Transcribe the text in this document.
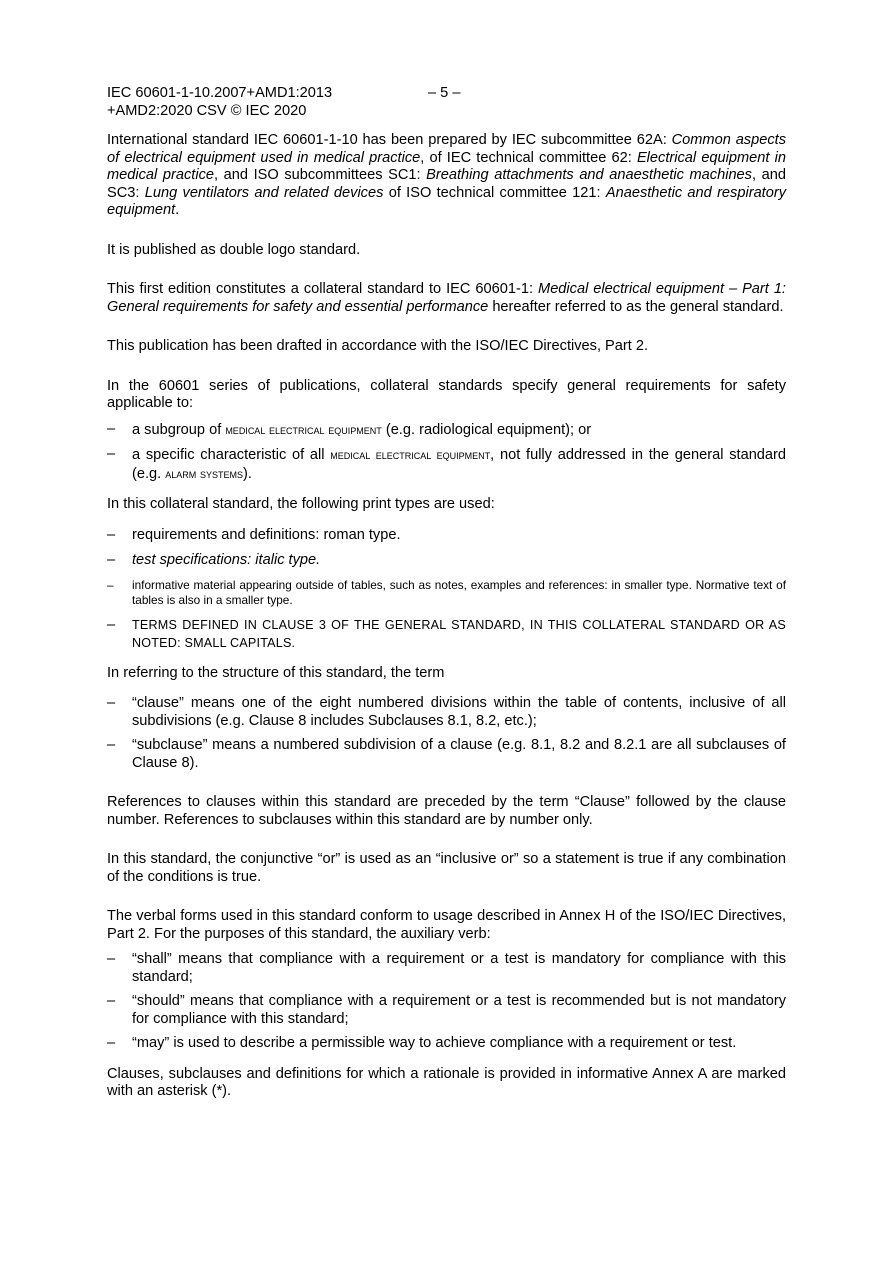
IEC 60601-1-10.2007+AMD1:2013
+AMD2:2020 CSV © IEC 2020
– 5 –

International standard IEC 60601-1-10 has been prepared by IEC subcommittee 62A: Common aspects of electrical equipment used in medical practice, of IEC technical committee 62: Electrical equipment in medical practice, and ISO subcommittees SC1: Breathing attachments and anaesthetic machines, and SC3: Lung ventilators and related devices of ISO technical committee 121: Anaesthetic and respiratory equipment.

It is published as double logo standard.

This first edition constitutes a collateral standard to IEC 60601-1: Medical electrical equipment – Part 1: General requirements for safety and essential performance hereafter referred to as the general standard.

This publication has been drafted in accordance with the ISO/IEC Directives, Part 2.

In the 60601 series of publications, collateral standards specify general requirements for safety applicable to:

– a subgroup of medical electrical equipment (e.g. radiological equipment); or
– a specific characteristic of all medical electrical equipment, not fully addressed in the general standard (e.g. alarm systems).

In this collateral standard, the following print types are used:

– requirements and definitions: roman type.
– test specifications: italic type.
– informative material appearing outside of tables, such as notes, examples and references: in smaller type. Normative text of tables is also in a smaller type.
– TERMS DEFINED IN CLAUSE 3 OF THE GENERAL STANDARD, IN THIS COLLATERAL STANDARD OR AS NOTED: SMALL CAPITALS.

In referring to the structure of this standard, the term

– “clause” means one of the eight numbered divisions within the table of contents, inclusive of all subdivisions (e.g. Clause 8 includes Subclauses 8.1, 8.2, etc.);
– “subclause” means a numbered subdivision of a clause (e.g. 8.1, 8.2 and 8.2.1 are all subclauses of Clause 8).

References to clauses within this standard are preceded by the term “Clause” followed by the clause number. References to subclauses within this standard are by number only.

In this standard, the conjunctive “or” is used as an “inclusive or” so a statement is true if any combination of the conditions is true.

The verbal forms used in this standard conform to usage described in Annex H of the ISO/IEC Directives, Part 2. For the purposes of this standard, the auxiliary verb:

– “shall” means that compliance with a requirement or a test is mandatory for compliance with this standard;
– “should” means that compliance with a requirement or a test is recommended but is not mandatory for compliance with this standard;
– “may” is used to describe a permissible way to achieve compliance with a requirement or test.

Clauses, subclauses and definitions for which a rationale is provided in informative Annex A are marked with an asterisk (*).
